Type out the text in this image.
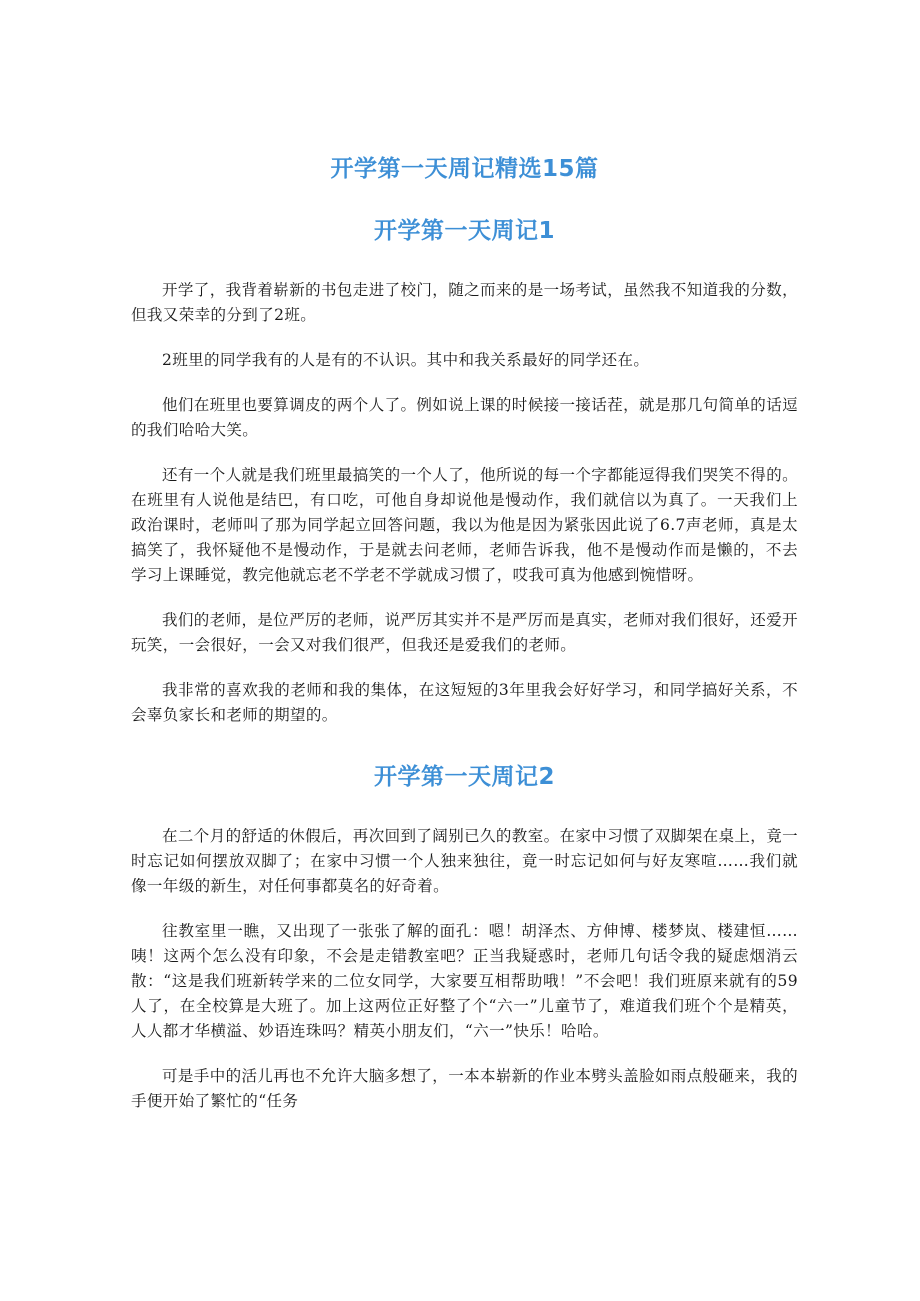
开学第一天周记精选15篇
开学第一天周记1

开学了，我背着崭新的书包走进了校门，随之而来的是一场考试，虽然我不知道我的分数，但我又荣幸的分到了2班。

2班里的同学我有的人是有的不认识。其中和我关系最好的同学还在。

他们在班里也要算调皮的两个人了。例如说上课的时候接一接话茬，就是那几句简单的话逗的我们哈哈大笑。

还有一个人就是我们班里最搞笑的一个人了，他所说的每一个字都能逗得我们哭笑不得的。在班里有人说他是结巴，有口吃，可他自身却说他是慢动作，我们就信以为真了。一天我们上政治课时，老师叫了那为同学起立回答问题，我以为他是因为紧张因此说了6.7声老师，真是太搞笑了，我怀疑他不是慢动作，于是就去问老师，老师告诉我，他不是慢动作而是懒的，不去学习上课睡觉，教完他就忘老不学老不学就成习惯了，哎我可真为他感到惋惜呀。

我们的老师，是位严厉的老师，说严厉其实并不是严厉而是真实，老师对我们很好，还爱开玩笑，一会很好，一会又对我们很严，但我还是爱我们的老师。

我非常的喜欢我的老师和我的集体，在这短短的3年里我会好好学习，和同学搞好关系，不会辜负家长和老师的期望的。

开学第一天周记2

在二个月的舒适的休假后，再次回到了阔别已久的教室。在家中习惯了双脚架在桌上，竟一时忘记如何摆放双脚了；在家中习惯一个人独来独往，竟一时忘记如何与好友寒喧……我们就像一年级的新生，对任何事都莫名的好奇着。

往教室里一瞧，又出现了一张张了解的面孔：嗯！胡泽杰、方伸博、楼梦岚、楼建恒……咦！这两个怎么没有印象，不会是走错教室吧？正当我疑惑时，老师几句话令我的疑虑烟消云散：“这是我们班新转学来的二位女同学，大家要互相帮助哦！”不会吧！我们班原来就有的59人了，在全校算是大班了。加上这两位正好整了个“六一”儿童节了，难道我们班个个是精英，人人都才华横溢、妙语连珠吗？精英小朋友们，“六一”快乐！哈哈。

可是手中的活儿再也不允许大脑多想了，一本本崭新的作业本劈头盖脸如雨点般砸来，我的手便开始了繁忙的“任务
